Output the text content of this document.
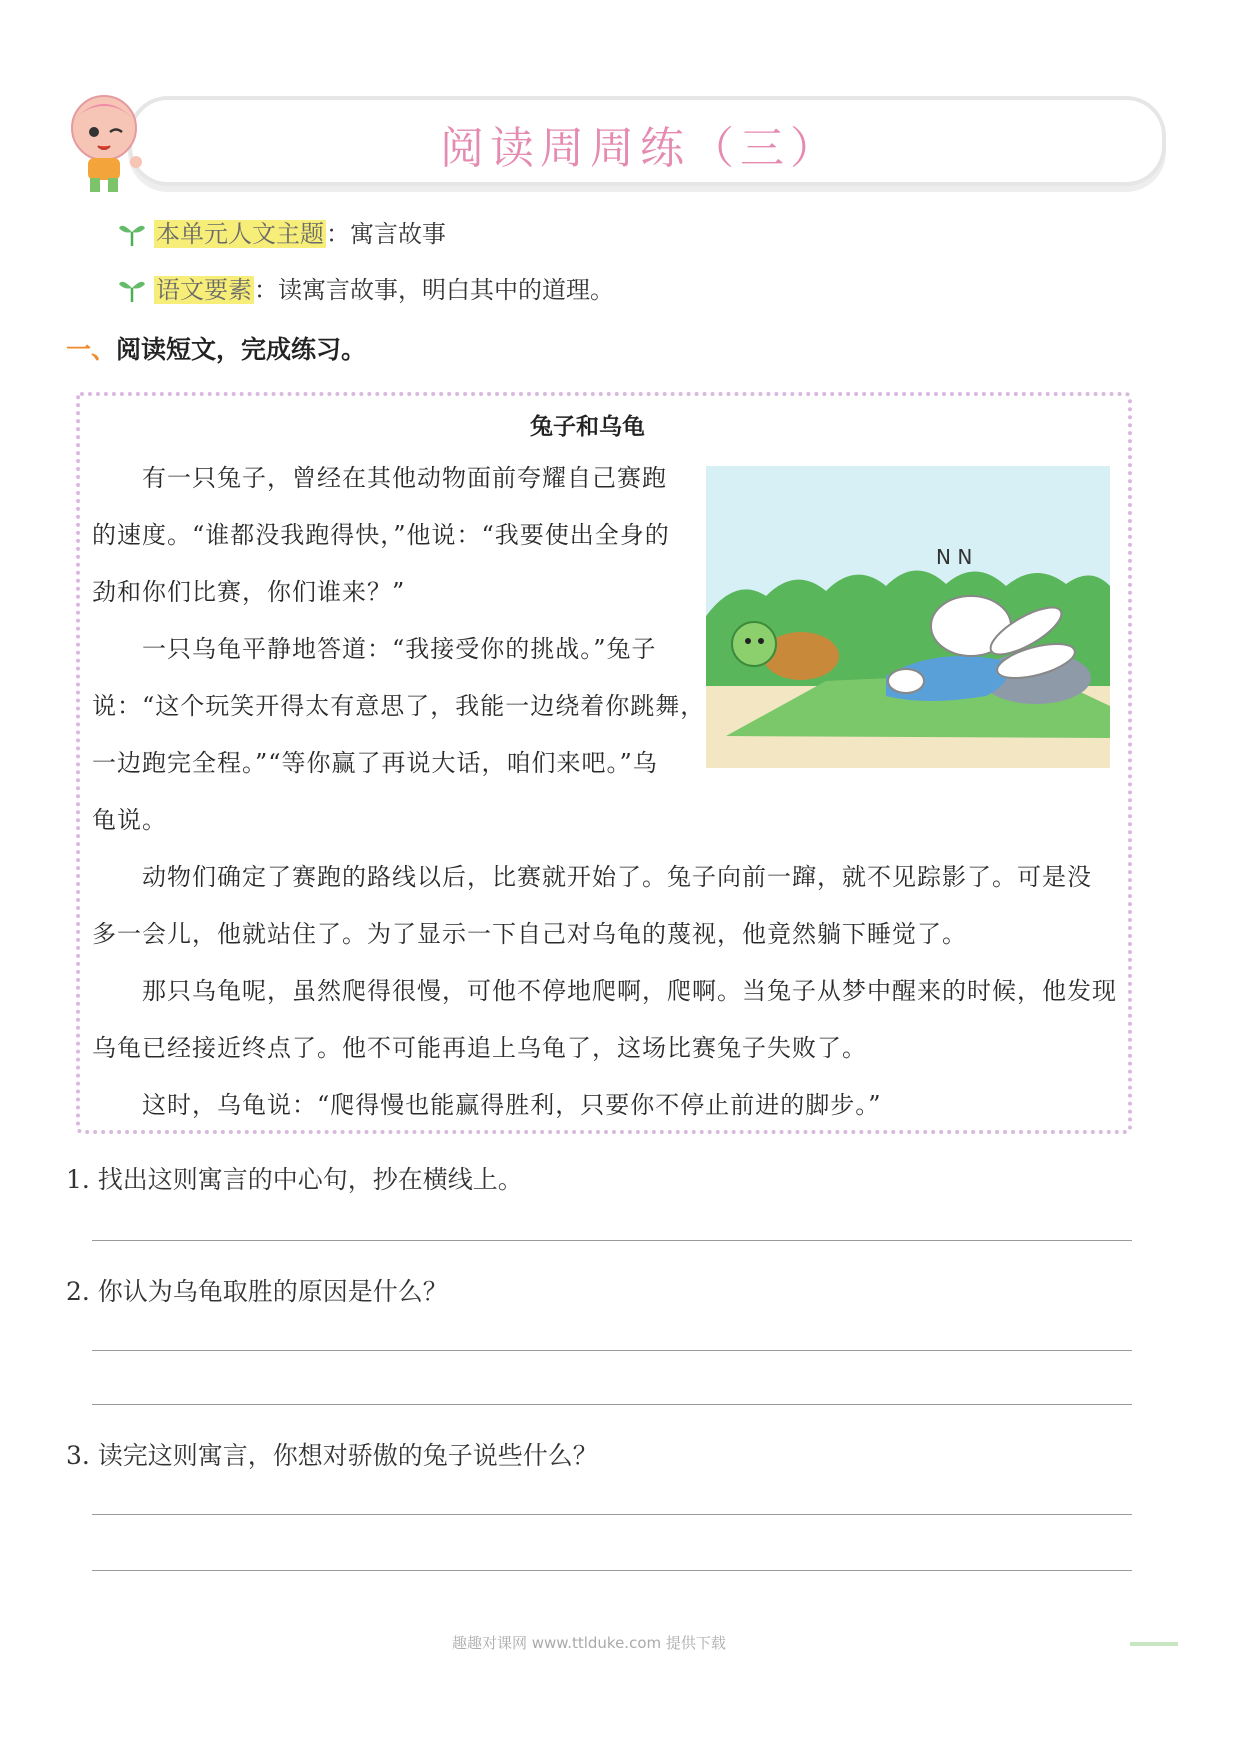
阅读周周练（三）
本单元人文主题：寓言故事
语文要素：读寓言故事，明白其中的道理。
一、阅读短文，完成练习。
兔子和乌龟
　　有一只兔子，曾经在其他动物面前夸耀自己赛跑
的速度。“谁都没我跑得快，”他说：“我要使出全身的
劲和你们比赛，你们谁来？”
　　一只乌龟平静地答道：“我接受你的挑战。”兔子
说：“这个玩笑开得太有意思了，我能一边绕着你跳舞，
一边跑完全程。”“等你赢了再说大话，咱们来吧。”乌
龟说。
　　动物们确定了赛跑的路线以后，比赛就开始了。兔子向前一蹿，就不见踪影了。可是没
多一会儿，他就站住了。为了显示一下自己对乌龟的蔑视，他竟然躺下睡觉了。
　　那只乌龟呢，虽然爬得很慢，可他不停地爬啊，爬啊。当兔子从梦中醒来的时候，他发现
乌龟已经接近终点了。他不可能再追上乌龟了，这场比赛兔子失败了。
　　这时，乌龟说：“爬得慢也能赢得胜利，只要你不停止前进的脚步。”
N N
1. 找出这则寓言的中心句，抄在横线上。
2. 你认为乌龟取胜的原因是什么？
3. 读完这则寓言，你想对骄傲的兔子说些什么？
趣趣对课网 www.ttlduke.com 提供下载
